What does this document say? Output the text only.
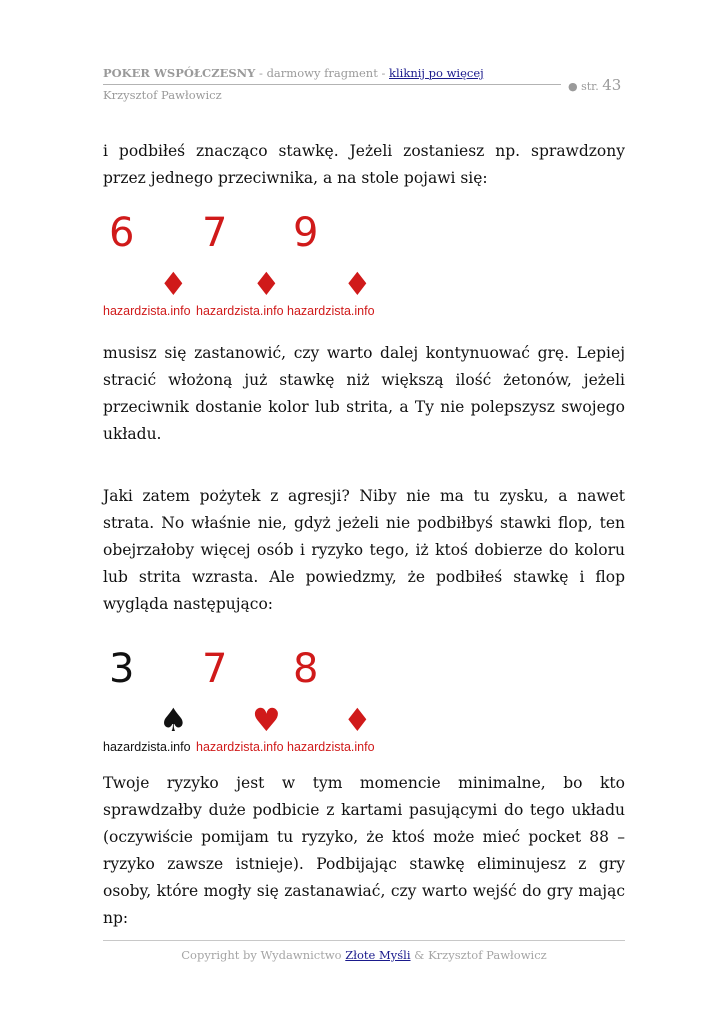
POKER WSPÓŁCZESNY - darmowy fragment - kliknij po więcej
Krzysztof Pawłowicz
● str. 43

i podbiłeś znacząco stawkę. Jeżeli zostaniesz np. sprawdzony przez jednego przeciwnika, a na stole pojawi się:

6
♦
hazardzista.info
7
♦
hazardzista.info
9
♦
hazardzista.info

musisz się zastanowić, czy warto dalej kontynuować grę. Lepiej stracić włożoną już stawkę niż większą ilość żetonów, jeżeli przeciwnik dostanie kolor lub strita, a Ty nie polepszysz swojego układu.

Jaki zatem pożytek z agresji? Niby nie ma tu zysku, a nawet strata. No właśnie nie, gdyż jeżeli nie podbiłbyś stawki flop, ten obejrzałoby więcej osób i ryzyko tego, iż ktoś dobierze do koloru lub strita wzrasta. Ale powiedzmy, że podbiłeś stawkę i flop wygląda następująco:

3
♠
hazardzista.info
7
♥
hazardzista.info
8
♦
hazardzista.info

Twoje ryzyko jest w tym momencie minimalne, bo kto sprawdzałby duże podbicie z kartami pasującymi do tego układu (oczywiście pomijam tu ryzyko, że ktoś może mieć pocket 88 – ryzyko zawsze istnieje). Podbijając stawkę eliminujesz z gry osoby, które mogły się zastanawiać, czy warto wejść do gry mając np:

Copyright by Wydawnictwo Złote Myśli & Krzysztof Pawłowicz
